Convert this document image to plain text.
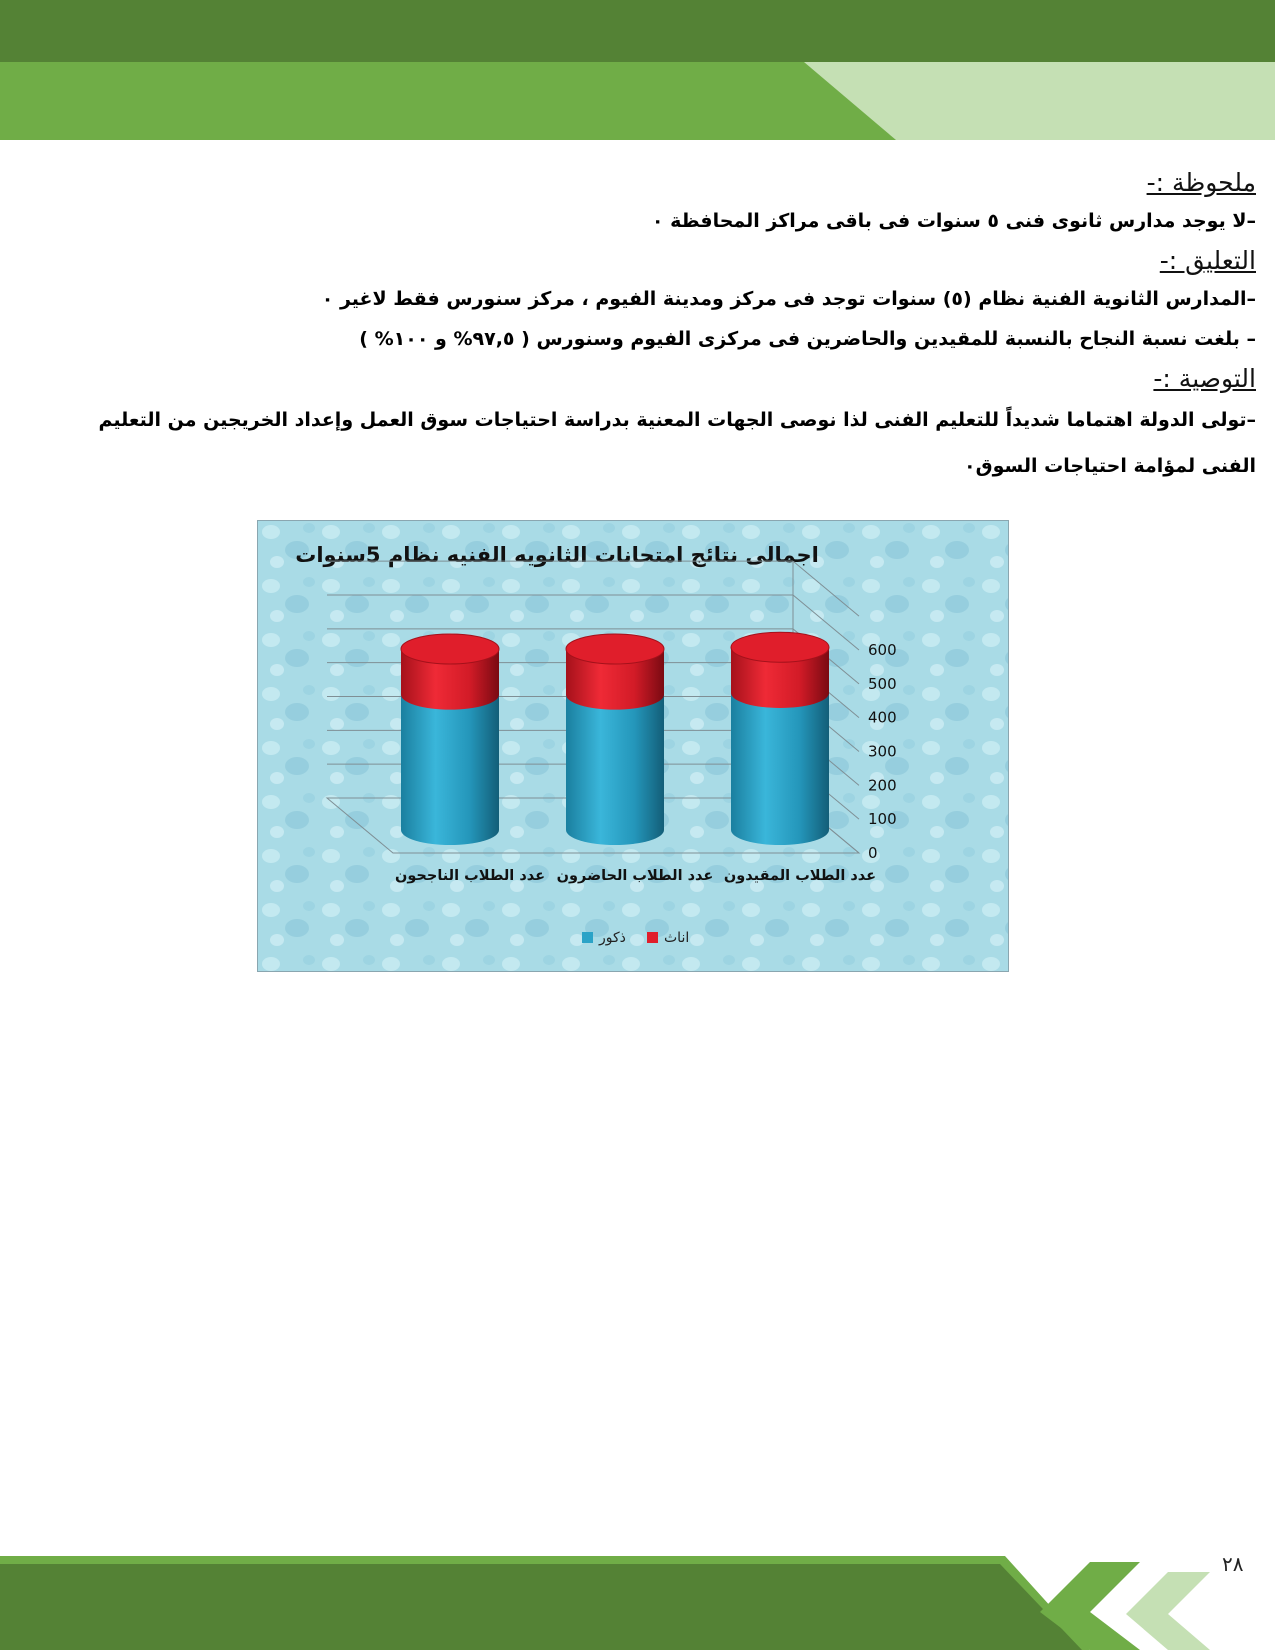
ملحوظة :-

–لا يوجد مدارس ثانوى فنى ٥ سنوات فى باقى مراكز المحافظة ٠

التعليق :-

–المدارس الثانوية الفنية نظام (٥) سنوات توجد فى مركز ومدينة الفيوم ، مركز سنورس فقط لاغير ٠

– بلغت نسبة النجاح بالنسبة للمقيدين والحاضرين فى مركزى الفيوم وسنورس ( ٩٧,٥% و ١٠٠% )

التوصية :-

–تولى الدولة اهتماما شديداً للتعليم الفنى لذا نوصى الجهات المعنية بدراسة احتياجات سوق العمل وإعداد الخريجين من التعليم الفنى لمؤامة احتياجات السوق٠

اجمالى نتائج امتحانات الثانويه الفنيه نظام 5سنوات
0
100
200
300
400
500
600
عدد الطلاب المقيدون
عدد الطلاب الحاضرون
عدد الطلاب الناجحون
ذكور	اناث
٢٨
